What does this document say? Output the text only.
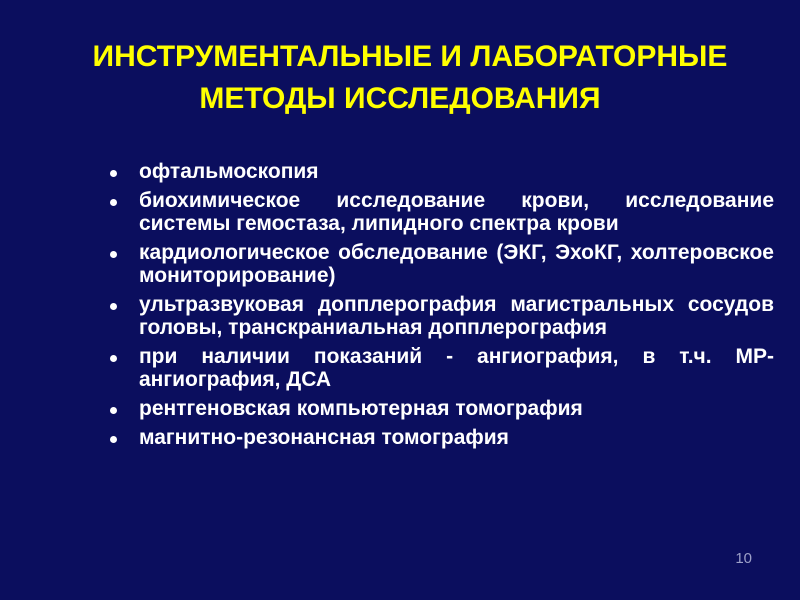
ИНСТРУМЕНТАЛЬНЫЕ И ЛАБОРАТОРНЫЕ
МЕТОДЫ ИССЛЕДОВАНИЯ
офтальмоскопия
биохимическое исследование крови, исследование системы гемостаза, липидного спектра крови
кардиологическое обследование (ЭКГ, ЭхоКГ, холтеровское мониторирование)
ультразвуковая допплерография магистральных сосудов головы, транскраниальная допплерография
при наличии показаний - ангиография, в т.ч. МР-ангиография, ДСА
рентгеновская компьютерная томография
магнитно-резонансная томография
10
